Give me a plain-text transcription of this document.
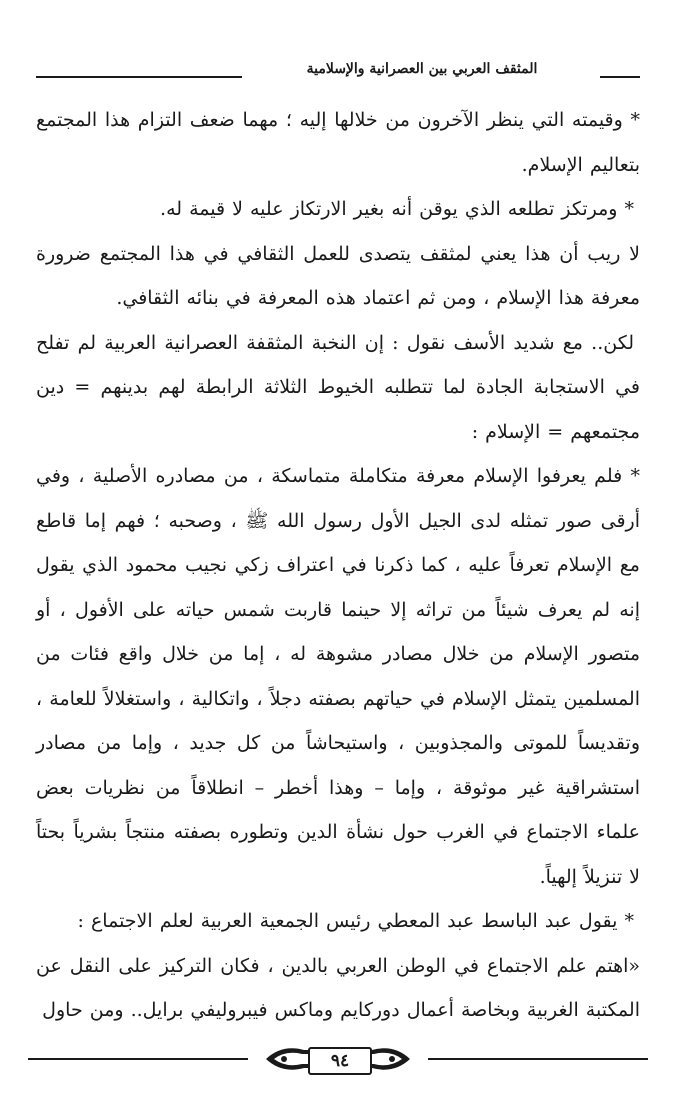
المثقف العربي بين العصرانية والإسلامية

* وقيمته التي ينظر الآخرون من خلالها إليه ؛ مهما ضعف التزام هذا المجتمع بتعاليم الإسلام.

* ومرتكز تطلعه الذي يوقن أنه بغير الارتكاز عليه لا قيمة له.

لا ريب أن هذا يعني لمثقف يتصدى للعمل الثقافي في هذا المجتمع ضرورة معرفة هذا الإسلام ، ومن ثم اعتماد هذه المعرفة في بنائه الثقافي.

لكن.. مع شديد الأسف نقول : إن النخبة المثقفة العصرانية العربية لم تفلح في الاستجابة الجادة لما تتطلبه الخيوط الثلاثة الرابطة لهم بدينهم = دين مجتمعهم = الإسلام :

* فلم يعرفوا الإسلام معرفة متكاملة متماسكة ، من مصادره الأصلية ، وفي أرقى صور تمثله لدى الجيل الأول رسول الله ﷺ ، وصحبه ؛ فهم إما قاطع مع الإسلام تعرفاً عليه ، كما ذكرنا في اعتراف زكي نجيب محمود الذي يقول إنه لم يعرف شيئاً من تراثه إلا حينما قاربت شمس حياته على الأفول ، أو متصور الإسلام من خلال مصادر مشوهة له ، إما من خلال واقع فئات من المسلمين يتمثل الإسلام في حياتهم بصفته دجلاً ، واتكالية ، واستغلالاً للعامة ، وتقديساً للموتى والمجذوبين ، واستيحاشاً من كل جديد ، وإما من مصادر استشراقية غير موثوقة ، وإما – وهذا أخطر – انطلاقاً من نظريات بعض علماء الاجتماع في الغرب حول نشأة الدين وتطوره بصفته منتجاً بشرياً بحتاً لا تنزيلاً إلهياً.

* يقول عبد الباسط عبد المعطي رئيس الجمعية العربية لعلم الاجتماع :

«اهتم علم الاجتماع في الوطن العربي بالدين ، فكان التركيز على النقل عن المكتبة الغربية وبخاصة أعمال دوركايم وماكس فيبروليفي برايل.. ومن حاول

٩٤
